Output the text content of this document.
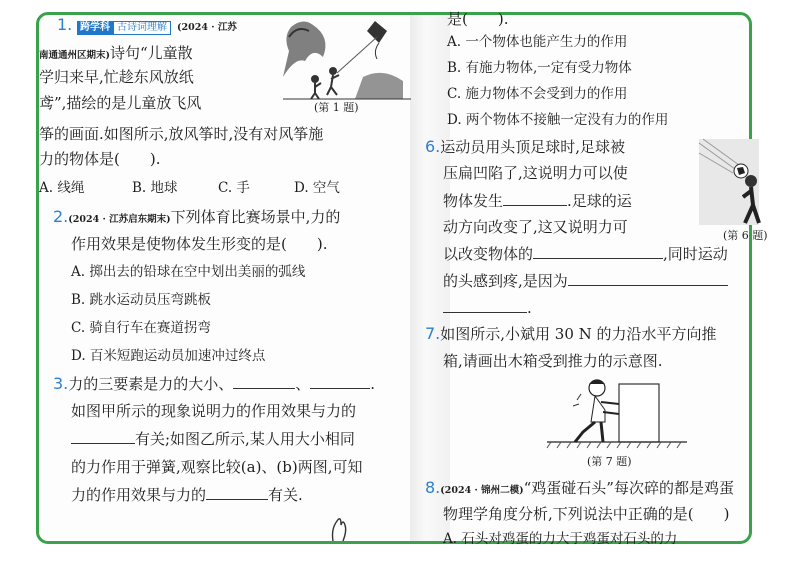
1. 跨学科 古诗词理解 (2024 · 江苏
南通通州区期末)诗句“儿童散
学归来早,忙趁东风放纸
鸢”,描绘的是儿童放飞风
筝的画面.如图所示,放风筝时,没有对风筝施
力的物体是(　　).
A. 线绳	B. 地球	C. 手	D. 空气
(第 1 题)
2.(2024 · 江苏启东期末)下列体育比赛场景中,力的
作用效果是使物体发生形变的是(　　).
A. 掷出去的铅球在空中划出美丽的弧线
B. 跳水运动员压弯跳板
C. 骑自行车在赛道拐弯
D. 百米短跑运动员加速冲过终点
3.力的三要素是力的大小、	、	.
如图甲所示的现象说明力的作用效果与力的
有关;如图乙所示,某人用大小相同
的力作用于弹簧,观察比较(a)、(b)两图,可知
力的作用效果与力的	有关.
是(　　).
A. 一个物体也能产生力的作用
B. 有施力物体,一定有受力物体
C. 施力物体不会受到力的作用
D. 两个物体不接触一定没有力的作用
6.运动员用头顶足球时,足球被
压扁凹陷了,这说明力可以使
物体发生	.足球的运
动方向改变了,这又说明力可
以改变物体的	,同时运动
的头感到疼,是因为
.
(第 6 题)
7.如图所示,小斌用 30 N 的力沿水平方向推
箱,请画出木箱受到推力的示意图.
(第 7 题)
8.(2024 · 锦州二模)“鸡蛋碰石头”每次碎的都是鸡蛋
物理学角度分析,下列说法中正确的是(　　)
A. 石头对鸡蛋的力大于鸡蛋对石头的力
